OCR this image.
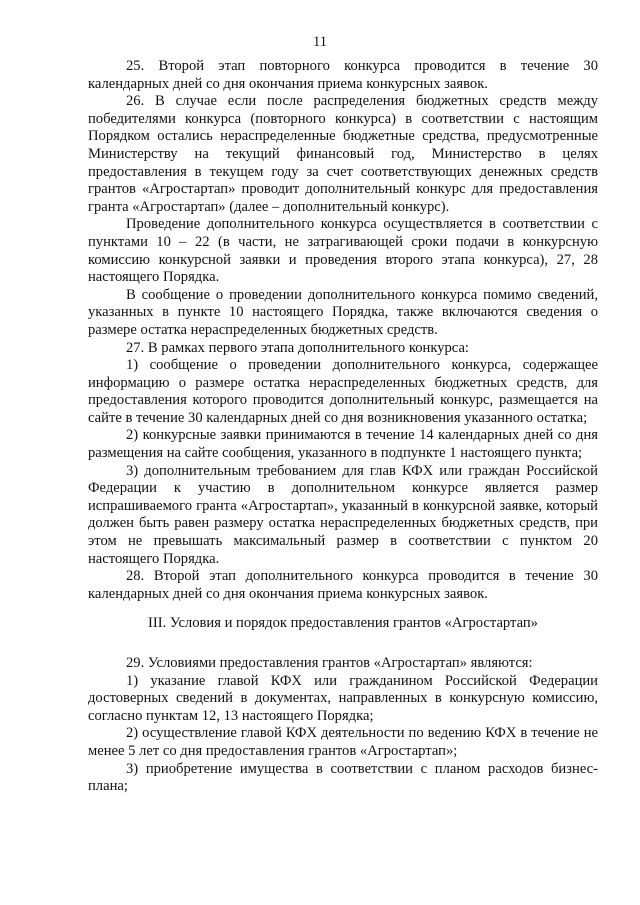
11

25. Второй этап повторного конкурса проводится в течение 30 календарных дней со дня окончания приема конкурсных заявок.

26. В случае если после распределения бюджетных средств между победителями конкурса (повторного конкурса) в соответствии с настоящим Порядком остались нераспределенные бюджетные средства, предусмотренные Министерству на текущий финансовый год, Министерство в целях предоставления в текущем году за счет соответствующих денежных средств грантов «Агростартап» проводит дополнительный конкурс для предоставления гранта «Агростартап» (далее – дополнительный конкурс).

Проведение дополнительного конкурса осуществляется в соответствии с пунктами 10 – 22 (в части, не затрагивающей сроки подачи в конкурсную комиссию конкурсной заявки и проведения второго этапа конкурса), 27, 28 настоящего Порядка.

В сообщение о проведении дополнительного конкурса помимо сведений, указанных в пункте 10 настоящего Порядка, также включаются сведения о размере остатка нераспределенных бюджетных средств.

27. В рамках первого этапа дополнительного конкурса:

1) сообщение о проведении дополнительного конкурса, содержащее информацию о размере остатка нераспределенных бюджетных средств, для предоставления которого проводится дополнительный конкурс, размещается на сайте в течение 30 календарных дней со дня возникновения указанного остатка;

2) конкурсные заявки принимаются в течение 14 календарных дней со дня размещения на сайте сообщения, указанного в подпункте 1 настоящего пункта;

3) дополнительным требованием для глав КФХ или граждан Российской Федерации к участию в дополнительном конкурсе является размер испрашиваемого гранта «Агростартап», указанный в конкурсной заявке, который должен быть равен размеру остатка нераспределенных бюджетных средств, при этом не превышать максимальный размер в соответствии с пунктом 20 настоящего Порядка.

28. Второй этап дополнительного конкурса проводится в течение 30 календарных дней со дня окончания приема конкурсных заявок.

III. Условия и порядок предоставления грантов «Агростартап»

29. Условиями предоставления грантов «Агростартап» являются:

1) указание главой КФХ или гражданином Российской Федерации достоверных сведений в документах, направленных в конкурсную комиссию, согласно пунктам 12, 13 настоящего Порядка;

2) осуществление главой КФХ деятельности по ведению КФХ в течение не менее 5 лет со дня предоставления грантов «Агростартап»;

3) приобретение имущества в соответствии с планом расходов бизнес-плана;
